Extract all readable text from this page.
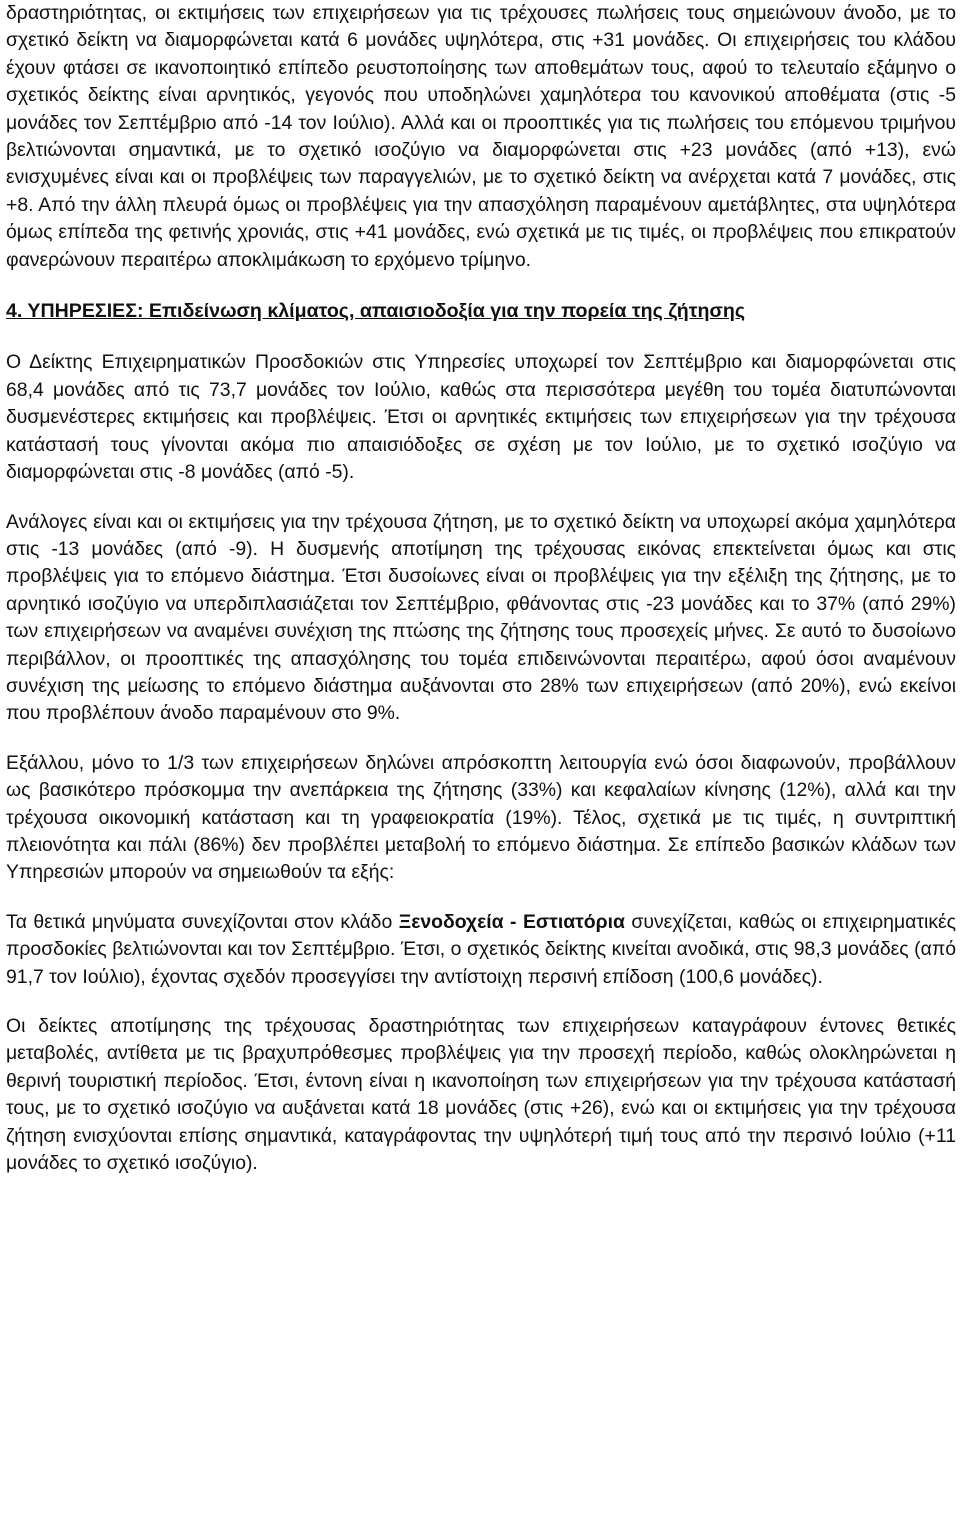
δραστηριότητας, οι εκτιμήσεις των επιχειρήσεων για τις τρέχουσες πωλήσεις τους σημειώνουν άνοδο, με το σχετικό δείκτη να διαμορφώνεται κατά 6 μονάδες υψηλότερα, στις +31 μονάδες. Οι επιχειρήσεις του κλάδου έχουν φτάσει σε ικανοποιητικό επίπεδο ρευστοποίησης των αποθεμάτων τους, αφού το τελευταίο εξάμηνο ο σχετικός δείκτης είναι αρνητικός, γεγονός που υποδηλώνει χαμηλότερα του κανονικού αποθέματα (στις -5 μονάδες τον Σεπτέμβριο από -14 τον Ιούλιο). Αλλά και οι προοπτικές για τις πωλήσεις του επόμενου τριμήνου βελτιώνονται σημαντικά, με το σχετικό ισοζύγιο να διαμορφώνεται στις +23 μονάδες (από +13), ενώ ενισχυμένες είναι και οι προβλέψεις των παραγγελιών, με το σχετικό δείκτη να ανέρχεται κατά 7 μονάδες, στις +8. Από την άλλη πλευρά όμως οι προβλέψεις για την απασχόληση παραμένουν αμετάβλητες, στα υψηλότερα όμως επίπεδα της φετινής χρονιάς, στις +41 μονάδες, ενώ σχετικά με τις τιμές, οι προβλέψεις που επικρατούν φανερώνουν περαιτέρω αποκλιμάκωση το ερχόμενο τρίμηνο.

4. ΥΠΗΡΕΣΙΕΣ: Επιδείνωση κλίματος, απαισιοδοξία για την πορεία της ζήτησης

Ο Δείκτης Επιχειρηματικών Προσδοκιών στις Υπηρεσίες υποχωρεί τον Σεπτέμβριο και διαμορφώνεται στις 68,4 μονάδες από τις 73,7 μονάδες τον Ιούλιο, καθώς στα περισσότερα μεγέθη του τομέα διατυπώνονται δυσμενέστερες εκτιμήσεις και προβλέψεις. Έτσι οι αρνητικές εκτιμήσεις των επιχειρήσεων για την τρέχουσα κατάστασή τους γίνονται ακόμα πιο απαισιόδοξες σε σχέση με τον Ιούλιο, με το σχετικό ισοζύγιο να διαμορφώνεται στις -8 μονάδες (από -5).

Ανάλογες είναι και οι εκτιμήσεις για την τρέχουσα ζήτηση, με το σχετικό δείκτη να υποχωρεί ακόμα χαμηλότερα στις -13 μονάδες (από -9). Η δυσμενής αποτίμηση της τρέχουσας εικόνας επεκτείνεται όμως και στις προβλέψεις για το επόμενο διάστημα. Έτσι δυσοίωνες είναι οι προβλέψεις για την εξέλιξη της ζήτησης, με το αρνητικό ισοζύγιο να υπερδιπλασιάζεται τον Σεπτέμβριο, φθάνοντας στις -23 μονάδες και το 37% (από 29%) των επιχειρήσεων να αναμένει συνέχιση της πτώσης της ζήτησης τους προσεχείς μήνες. Σε αυτό το δυσοίωνο περιβάλλον, οι προοπτικές της απασχόλησης του τομέα επιδεινώνονται περαιτέρω, αφού όσοι αναμένουν συνέχιση της μείωσης το επόμενο διάστημα αυξάνονται στο 28% των επιχειρήσεων (από 20%), ενώ εκείνοι που προβλέπουν άνοδο παραμένουν στο 9%.

Εξάλλου, μόνο το 1/3 των επιχειρήσεων δηλώνει απρόσκοπτη λειτουργία ενώ όσοι διαφωνούν, προβάλλουν ως βασικότερο πρόσκομμα την ανεπάρκεια της ζήτησης (33%) και κεφαλαίων κίνησης (12%), αλλά και την τρέχουσα οικονομική κατάσταση και τη γραφειοκρατία (19%). Τέλος, σχετικά με τις τιμές, η συντριπτική πλειονότητα και πάλι (86%) δεν προβλέπει μεταβολή το επόμενο διάστημα. Σε επίπεδο βασικών κλάδων των Υπηρεσιών μπορούν να σημειωθούν τα εξής:

Τα θετικά μηνύματα συνεχίζονται στον κλάδο Ξενοδοχεία - Εστιατόρια συνεχίζεται, καθώς οι επιχειρηματικές προσδοκίες βελτιώνονται και τον Σεπτέμβριο. Έτσι, ο σχετικός δείκτης κινείται ανοδικά, στις 98,3 μονάδες (από 91,7 τον Ιούλιο), έχοντας σχεδόν προσεγγίσει την αντίστοιχη περσινή επίδοση (100,6 μονάδες).

Οι δείκτες αποτίμησης της τρέχουσας δραστηριότητας των επιχειρήσεων καταγράφουν έντονες θετικές μεταβολές, αντίθετα με τις βραχυπρόθεσμες προβλέψεις για την προσεχή περίοδο, καθώς ολοκληρώνεται η θερινή τουριστική περίοδος. Έτσι, έντονη είναι η ικανοποίηση των επιχειρήσεων για την τρέχουσα κατάστασή τους, με το σχετικό ισοζύγιο να αυξάνεται κατά 18 μονάδες (στις +26), ενώ και οι εκτιμήσεις για την τρέχουσα ζήτηση ενισχύονται επίσης σημαντικά, καταγράφοντας την υψηλότερή τιμή τους από την περσινό Ιούλιο (+11 μονάδες το σχετικό ισοζύγιο).
